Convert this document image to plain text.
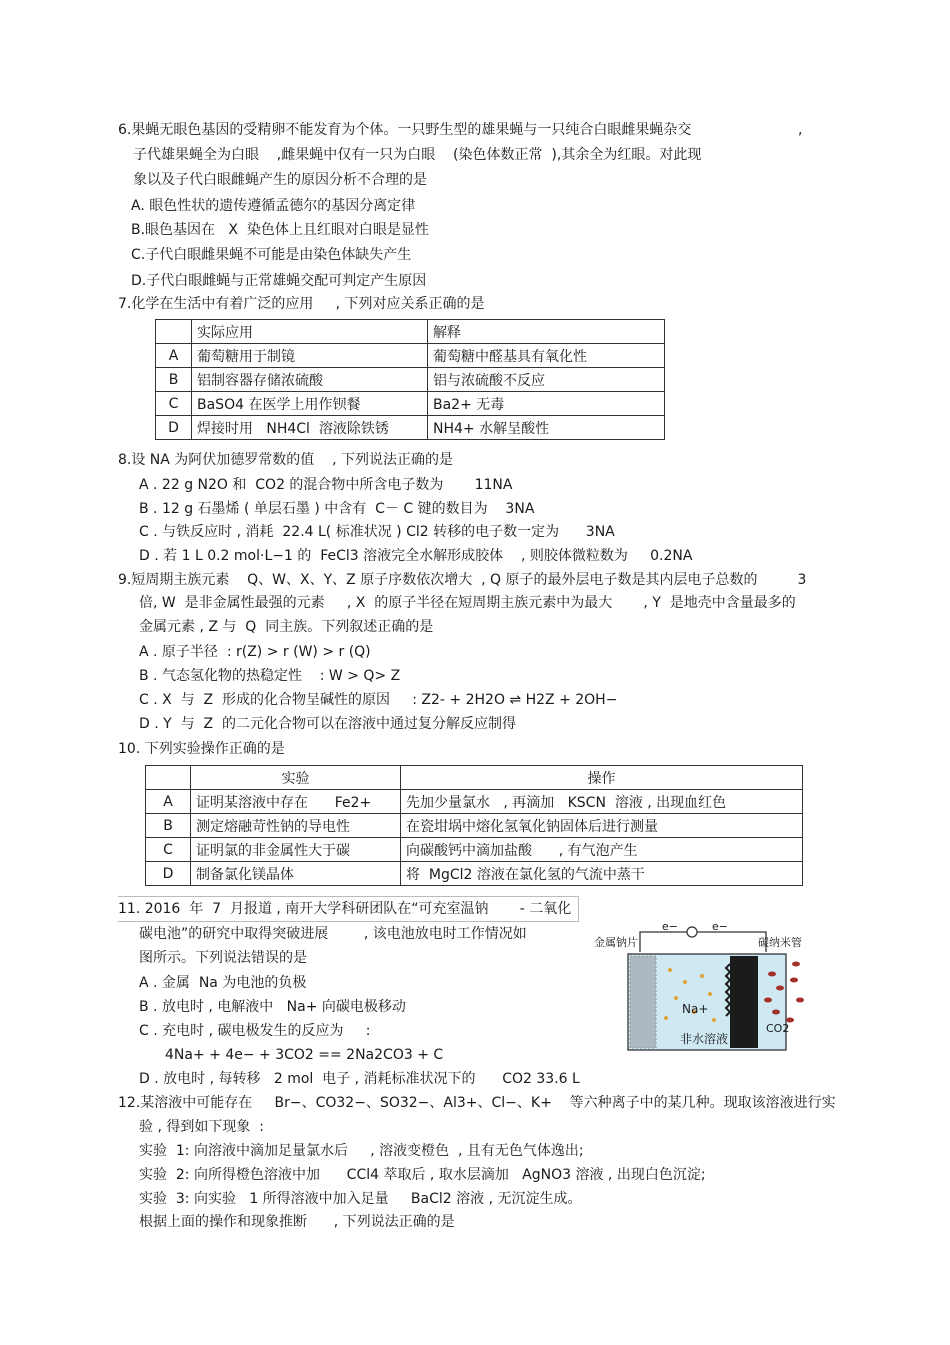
6.果蝇无眼色基因的受精卵不能发育为个体。一只野生型的雄果蝇与一只纯合白眼雌果蝇杂交	,
子代雄果蝇全为白眼    ,雌果蝇中仅有一只为白眼    (染色体数正常  ),其余全为红眼。对此现
象以及子代白眼雌蝇产生的原因分析不合理的是
A. 眼色性状的遗传遵循孟德尔的基因分离定律
B.眼色基因在   X  染色体上且红眼对白眼是显性
C.子代白眼雌果蝇不可能是由染色体缺失产生
D.子代白眼雌蝇与正常雄蝇交配可判定产生原因
7.化学在生活中有着广泛的应用     , 下列对应关系正确的是
	实际应用	解释
A	葡萄糖用于制镜	葡萄糖中醛基具有氧化性
B	铝制容器存储浓硫酸	铝与浓硫酸不反应
C	BaSO4 在医学上用作钡餐	Ba2+ 无毒
D	焊接时用   NH4Cl  溶液除铁锈	NH4+ 水解呈酸性
8.设 NA 为阿伏加德罗常数的值    , 下列说法正确的是
A . 22 g N2O 和  CO2 的混合物中所含电子数为       11NA
B . 12 g 石墨烯 ( 单层石墨 ) 中含有  C－ C 键的数目为    3NA
C . 与铁反应时 , 消耗  22.4 L( 标准状况 ) Cl2 转移的电子数一定为      3NA
D . 若 1 L 0.2 mol·L−1 的  FeCl3 溶液完全水解形成胶体    , 则胶体微粒数为     0.2NA
9.短周期主族元素    Q、W、X、Y、Z 原子序数依次增大  , Q 原子的最外层电子数是其内层电子总数的         3
倍, W  是非金属性最强的元素     , X  的原子半径在短周期主族元素中为最大       , Y  是地壳中含量最多的
金属元素 , Z 与  Q  同主族。下列叙述正确的是
A . 原子半径  : r(Z) > r (W) > r (Q)
B . 气态氢化物的热稳定性    : W > Q> Z
C . X  与  Z  形成的化合物呈碱性的原因     : Z2- + 2H2O ⇌ H2Z + 2OH−
D . Y  与  Z  的二元化合物可以在溶液中通过复分解反应制得
10. 下列实验操作正确的是
	实验	操作
A	证明某溶液中存在      Fe2+	先加少量氯水   , 再滴加   KSCN  溶液 , 出现血红色
B	测定熔融苛性钠的导电性	在瓷坩埚中熔化氢氧化钠固体后进行测量
C	证明氯的非金属性大于碳	向碳酸钙中滴加盐酸      , 有气泡产生
D	制备氯化镁晶体	将  MgCl2 溶液在氯化氢的气流中蒸干
11. 2016  年  7  月报道 , 南开大学科研团队在“可充室温钠       - 二氧化
碳电池”的研究中取得突破进展        , 该电池放电时工作情况如
图所示。下列说法错误的是
A . 金属  Na 为电池的负极
B . 放电时 , 电解液中   Na+ 向碳电极移动
C . 充电时 , 碳电极发生的反应为     :
4Na+ + 4e− + 3CO2 == 2Na2CO3 + C
D . 放电时 , 每转移   2 mol  电子 , 消耗标准状况下的      CO2 33.6 L
金属钠片	碳纳米管
e−	e−
Na+
CO2
非水溶液
12.某溶液中可能存在     Br−、CO32−、SO32−、Al3+、Cl−、K+    等六种离子中的某几种。现取该溶液进行实
验 , 得到如下现象  :
实验  1: 向溶液中滴加足量氯水后     , 溶液变橙色  , 且有无色气体逸出;
实验  2: 向所得橙色溶液中加      CCl4 萃取后 , 取水层滴加   AgNO3 溶液 , 出现白色沉淀;
实验  3: 向实验   1 所得溶液中加入足量     BaCl2 溶液 , 无沉淀生成。
根据上面的操作和现象推断      , 下列说法正确的是
